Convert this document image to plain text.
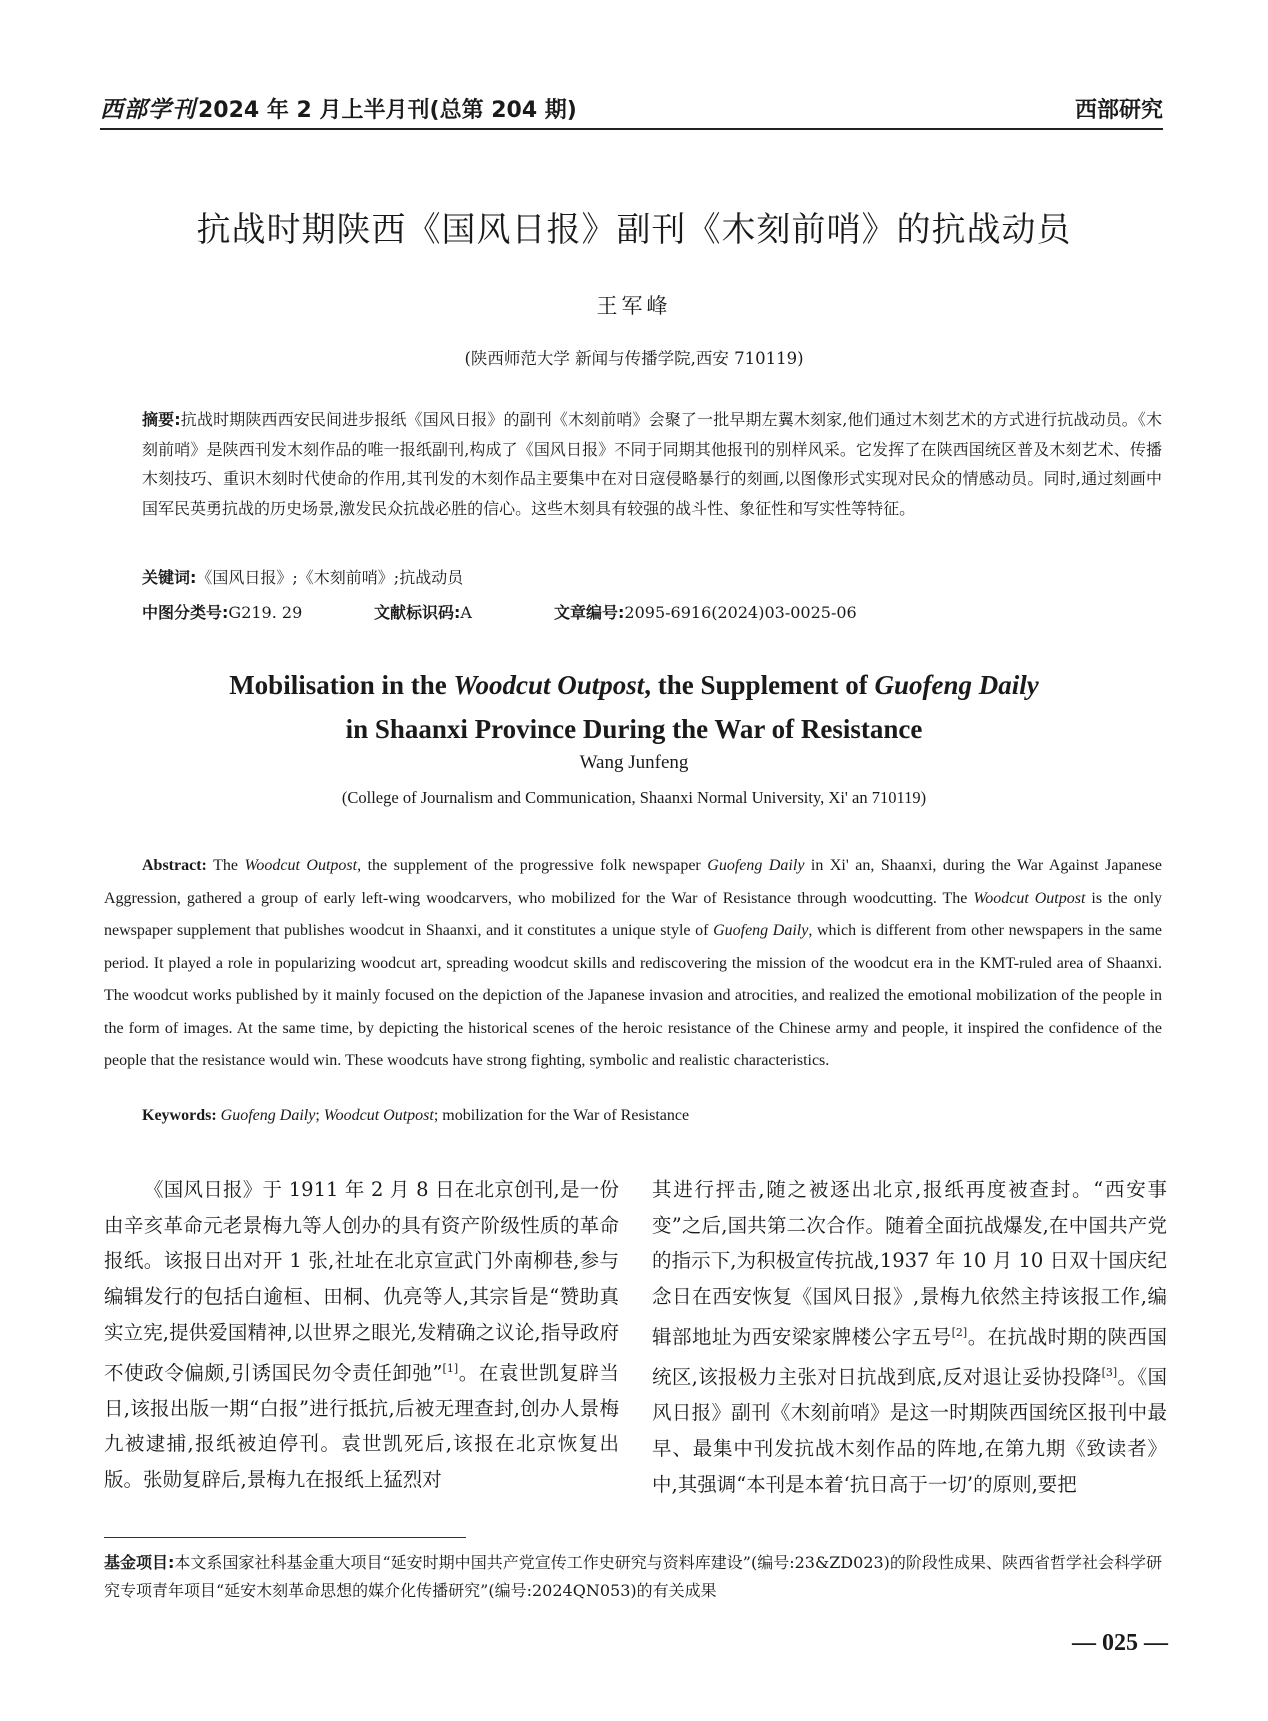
西部学刊 2024 年 2 月上半月刊(总第 204 期)	西部研究
抗战时期陕西《国风日报》副刊《木刻前哨》的抗战动员
王军峰
(陕西师范大学 新闻与传播学院,西安 710119)
摘要:抗战时期陕西西安民间进步报纸《国风日报》的副刊《木刻前哨》会聚了一批早期左翼木刻家,他们通过木刻艺术的方式进行抗战动员。《木刻前哨》是陕西刊发木刻作品的唯一报纸副刊,构成了《国风日报》不同于同期其他报刊的别样风采。它发挥了在陕西国统区普及木刻艺术、传播木刻技巧、重识木刻时代使命的作用,其刊发的木刻作品主要集中在对日寇侵略暴行的刻画,以图像形式实现对民众的情感动员。同时,通过刻画中国军民英勇抗战的历史场景,激发民众抗战必胜的信心。这些木刻具有较强的战斗性、象征性和写实性等特征。
关键词:《国风日报》;《木刻前哨》;抗战动员
中图分类号:G219. 29	文献标识码:A	文章编号:2095-6916(2024)03-0025-06
Mobilisation in the Woodcut Outpost, the Supplement of Guofeng Daily
in Shaanxi Province During the War of Resistance
Wang Junfeng
(College of Journalism and Communication, Shaanxi Normal University, Xi' an 710119)
Abstract: The Woodcut Outpost, the supplement of the progressive folk newspaper Guofeng Daily in Xi' an, Shaanxi, during the War Against Japanese Aggression, gathered a group of early left-wing woodcarvers, who mobilized for the War of Resistance through woodcutting. The Woodcut Outpost is the only newspaper supplement that publishes woodcut in Shaanxi, and it constitutes a unique style of Guofeng Daily, which is different from other newspapers in the same period. It played a role in popularizing woodcut art, spreading woodcut skills and rediscovering the mission of the woodcut era in the KMT-ruled area of Shaanxi. The woodcut works published by it mainly focused on the depiction of the Japanese invasion and atrocities, and realized the emotional mobilization of the people in the form of images. At the same time, by depicting the historical scenes of the heroic resistance of the Chinese army and people, it inspired the confidence of the people that the resistance would win. These woodcuts have strong fighting, symbolic and realistic characteristics.
Keywords: Guofeng Daily; Woodcut Outpost; mobilization for the War of Resistance
《国风日报》于 1911 年 2 月 8 日在北京创刊,是一份由辛亥革命元老景梅九等人创办的具有资产阶级性质的革命报纸。该报日出对开 1 张,社址在北京宣武门外南柳巷,参与编辑发行的包括白逾桓、田桐、仇亮等人,其宗旨是“赞助真实立宪,提供爱国精神,以世界之眼光,发精确之议论,指导政府不使政令偏颇,引诱国民勿令责任卸弛”[1]。在袁世凯复辟当日,该报出版一期“白报”进行抵抗,后被无理查封,创办人景梅九被逮捕,报纸被迫停刊。袁世凯死后,该报在北京恢复出版。张勋复辟后,景梅九在报纸上猛烈对
其进行抨击,随之被逐出北京,报纸再度被查封。“西安事变”之后,国共第二次合作。随着全面抗战爆发,在中国共产党的指示下,为积极宣传抗战,1937 年 10 月 10 日双十国庆纪念日在西安恢复《国风日报》,景梅九依然主持该报工作,编辑部地址为西安梁家牌楼公字五号[2]。在抗战时期的陕西国统区,该报极力主张对日抗战到底,反对退让妥协投降[3]。《国风日报》副刊《木刻前哨》是这一时期陕西国统区报刊中最早、最集中刊发抗战木刻作品的阵地,在第九期《致读者》中,其强调“本刊是本着‘抗日高于一切’的原则,要把
基金项目:本文系国家社科基金重大项目“延安时期中国共产党宣传工作史研究与资料库建设”(编号:23&ZD023)的阶段性成果、陕西省哲学社会科学研究专项青年项目“延安木刻革命思想的媒介化传播研究”(编号:2024QN053)的有关成果
— 025 —
